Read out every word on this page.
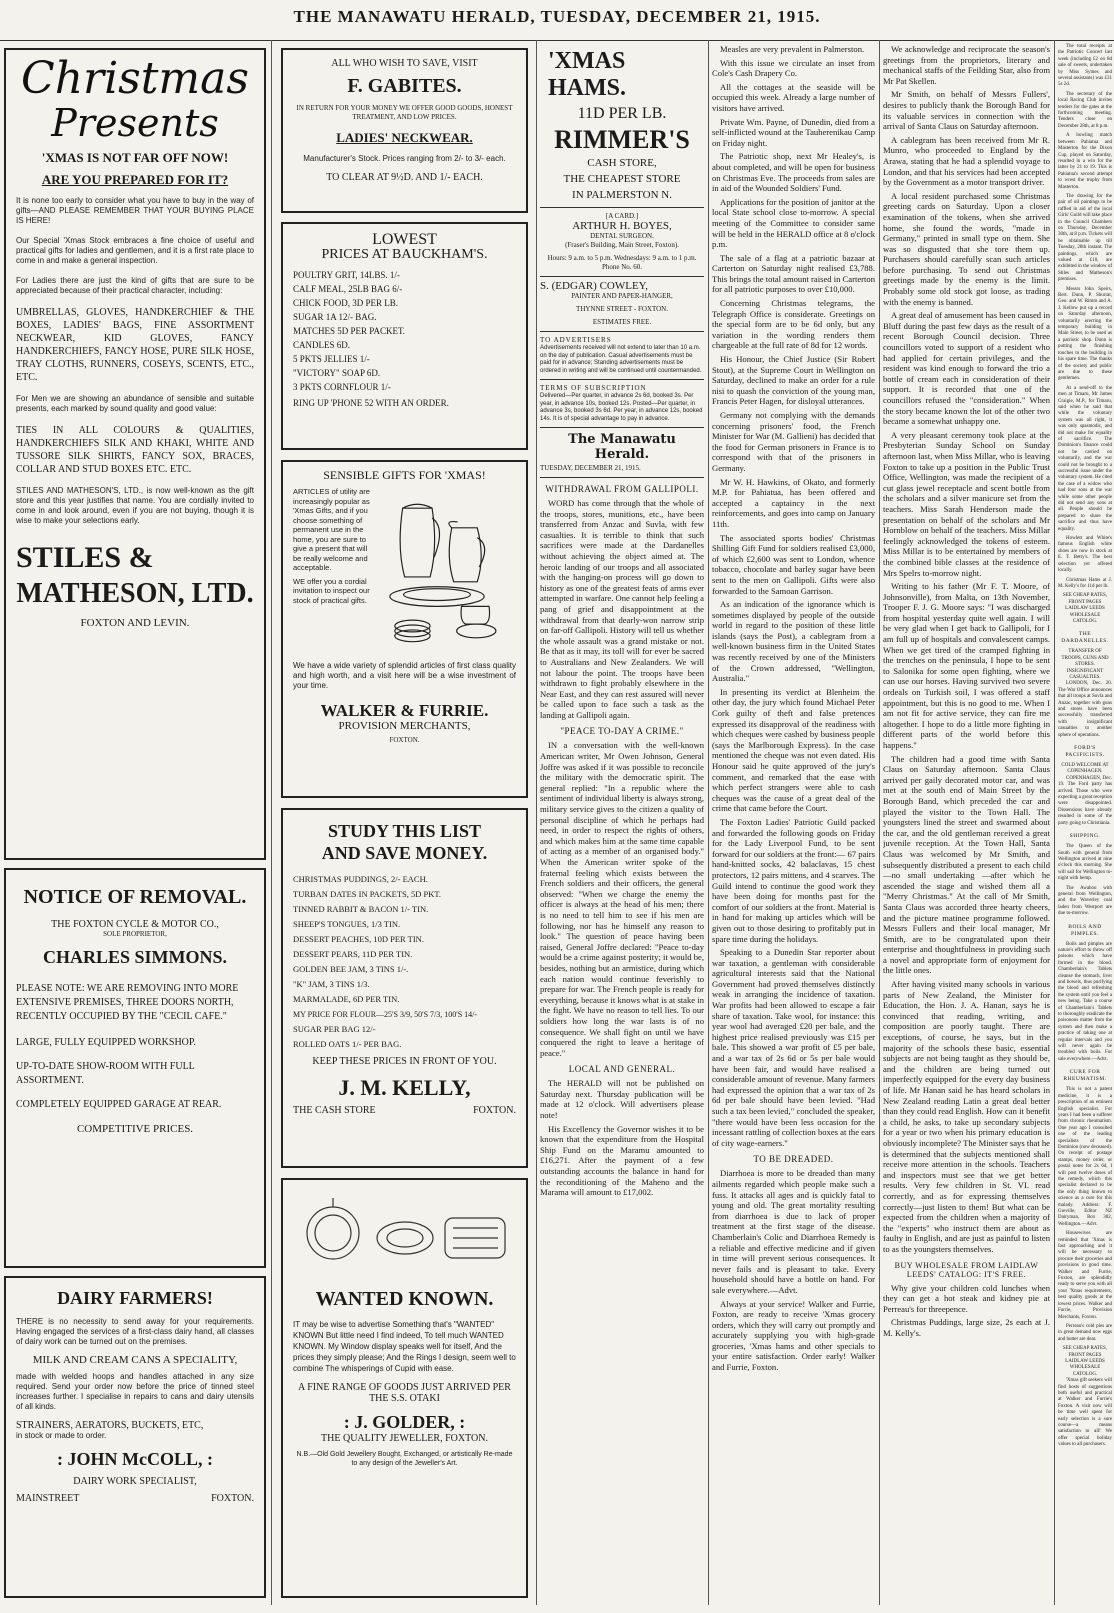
THE MANAWATU HERALD, TUESDAY, DECEMBER 21, 1915.
Christmas
Presents
'XMAS IS NOT FAR OFF NOW!
ARE YOU PREPARED FOR IT?

It is none too early to consider what you have to buy in the way of gifts—AND PLEASE REMEMBER THAT YOUR BUYING PLACE IS HERE!

Our Special 'Xmas Stock embraces a fine choice of useful and practical gifts for ladies and gentlemen, and it is a first rate place to come in and make a general inspection.

For Ladies there are just the kind of gifts that are sure to be appreciated because of their practical character, including:

UMBRELLAS, GLOVES, HANDKERCHIEF & THE BOXES, LADIES' BAGS, FINE ASSORTMENT NECKWEAR, KID GLOVES, FANCY HANDKERCHIEFS, FANCY HOSE, PURE SILK HOSE, TRAY CLOTHS, RUNNERS, COSEYS, SCENTS, ETC., ETC.

For Men we are showing an abundance of sensible and suitable presents, each marked by sound quality and good value:

TIES IN ALL COLOURS & QUALITIES, HANDKERCHIEFS SILK AND KHAKI, WHITE AND TUSSORE SILK SHIRTS, FANCY SOX, BRACES, COLLAR AND STUD BOXES ETC. ETC.

STILES AND MATHESON'S, LTD., is now well-known as the gift store and this year justifies that name. You are cordially invited to come in and look around, even if you are not buying, though it is wise to make your selections early.

STILES &
MATHESON, LTD.
FOXTON AND LEVIN.
NOTICE OF REMOVAL.
THE FOXTON CYCLE & MOTOR CO.,
SOLE PROPRIETOR,
CHARLES SIMMONS.

PLEASE NOTE: WE ARE REMOVING INTO MORE EXTENSIVE PREMISES, THREE DOORS NORTH, RECENTLY OCCUPIED BY THE "CECIL CAFE."

LARGE, FULLY EQUIPPED WORKSHOP.

UP-TO-DATE SHOW-ROOM WITH FULL ASSORTMENT.

COMPLETELY EQUIPPED GARAGE AT REAR.

COMPETITIVE PRICES.
DAIRY FARMERS!

THERE is no necessity to send away for your requirements. Having engaged the services of a first-class dairy hand, all classes of dairy work can be turned out on the premises.

MILK AND CREAM CANS A SPECIALITY,

made with welded hoops and handles attached in any size required. Send your order now before the price of tinned steel increases further. I specialise in repairs to cans and dairy utensils of all kinds.

STRAINERS, AERATORS, BUCKETS, ETC,
in stock or made to order.
: JOHN McCOLL, :
DAIRY WORK SPECIALIST,
MAINSTREET	FOXTON.
ALL WHO WISH TO SAVE, VISIT
F. GABITES.
IN RETURN FOR YOUR MONEY WE OFFER GOOD GOODS, HONEST TREATMENT, AND LOW PRICES.
LADIES' NECKWEAR.
Manufacturer's Stock. Prices ranging from 2/- to 3/- each.
TO CLEAR AT 9½D. AND 1/- EACH.
LOWEST
PRICES AT BAUCKHAM'S.
POULTRY GRIT, 14LBS. 1/-
CALF MEAL, 25LB BAG 6/-
CHICK FOOD, 3D PER LB.
SUGAR 1A 12/- BAG.
MATCHES 5D PER PACKET.
CANDLES 6D.
5 PKTS JELLIES 1/-
"VICTORY" SOAP 6D.
3 PKTS CORNFLOUR 1/-
RING UP 'PHONE 52 WITH AN ORDER.
SENSIBLE GIFTS FOR 'XMAS!

ARTICLES of utility are increasingly popular as 'Xmas Gifts, and if you choose something of permanent use in the home, you are sure to give a present that will be really welcome and acceptable.

WE offer you a cordial invitation to inspect our stock of practical gifts.

We have a wide variety of splendid articles of first class quality and high worth, and a visit here will be a wise investment of your time.

WALKER & FURRIE.
PROVISION MERCHANTS,
FOXTON.
STUDY THIS LIST
AND SAVE MONEY.
CHRISTMAS PUDDINGS, 2/- EACH.
TURBAN DATES IN PACKETS, 5D PKT.
TINNED RABBIT & BACON 1/- TIN.
SHEEP'S TONGUES, 1/3 TIN.
DESSERT PEACHES, 10D PER TIN.
DESSERT PEARS, 11D PER TIN.
GOLDEN BEE JAM, 3 TINS 1/-.
"K" JAM, 3 TINS 1/3.
MARMALADE, 6D PER TIN.
MY PRICE FOR FLOUR—25'S 3/9, 50'S 7/3, 100'S 14/-
SUGAR PER BAG 12/-
ROLLED OATS 1/- PER BAG.
KEEP THESE PRICES IN FRONT OF YOU.
J. M. KELLY,
THE CASH STORE	FOXTON.
WANTED KNOWN.

IT may be wise to advertise Something that's "WANTED" KNOWN But little need I find indeed, To tell much WANTED KNOWN. My Window display speaks well for itself, And the prices they simply please; And the Rings I design, seem well to combine The whisperings of Cupid with ease.

A FINE RANGE OF GOODS JUST ARRIVED PER THE S.S. OTAKI
: J. GOLDER, :
THE QUALITY JEWELLER, FOXTON.
N.B.—Old Gold Jewellery Bought, Exchanged, or artistically Re-made to any design of the Jeweller's Art.
'XMAS
HAMS.
11D PER LB.
RIMMER'S
CASH STORE,
THE CHEAPEST STORE
IN PALMERSTON N.
[A CARD.]
ARTHUR H. BOYES,
DENTAL SURGEON.
(Fraser's Building, Main Street, Foxton).
Hours: 9 a.m. to 5 p.m. Wednesdays: 9 a.m. to 1 p.m.
Phone No. 60.
S. (EDGAR) COWLEY,
PAINTER AND PAPER-HANGER,
THYNNE STREET - FOXTON.
ESTIMATES FREE.
TO ADVERTISERS
Advertisements received will not extend to later than 10 a.m. on the day of publication. Casual advertisements must be paid for in advance; Standing advertisements must be ordered in writing and will be continued until countermanded.
TERMS OF SUBSCRIPTION
Delivered—Per quarter, in advance 2s 6d, booked 3s. Per year, in advance 10s, booked 12s. Posted—Per quarter, in advance 3s, booked 3s 6d. Per year, in advance 12s, booked 14s. It is of special advantage to pay in advance.
The Manawatu Herald.
TUESDAY, DECEMBER 21, 1915.
WITHDRAWAL FROM GALLIPOLI.

WORD has come through that the whole of the troops, stores, munitions, etc., have been transferred from Anzac and Suvla, with few casualties. It is terrible to think that such sacrifices were made at the Dardanelles without achieving the object aimed at. The heroic landing of our troops and all associated with the hanging-on process will go down to history as one of the greatest feats of arms ever attempted in warfare. One cannot help feeling a pang of grief and disappointment at the withdrawal from that dearly-won narrow strip on far-off Gallipoli. History will tell us whether the whole assault was a grand mistake or not. Be that as it may, its toll will for ever be sacred to Australians and New Zealanders. We will not labour the point. The troops have been withdrawn to fight probably elsewhere in the Near East, and they can rest assured will never be called upon to face such a task as the landing at Gallipoli again.

"PEACE TO-DAY A CRIME."

IN a conversation with the well-known American writer, Mr Owen Johnson, General Joffre was asked if it was possible to reconcile the military with the democratic spirit. The general replied: "In a republic where the sentiment of individual liberty is always strong, military service gives to the citizen a quality of personal discipline of which he perhaps had need, in order to respect the rights of others, and which makes him at the same time capable of acting as a member of an organised body." When the American writer spoke of the fraternal feeling which exists between the French soldiers and their officers, the general observed: "When we charge the enemy the officer is always at the head of his men; there is no need to tell him to see if his men are following, nor has he himself any reason to look." The question of peace having been raised, General Joffre declared: "Peace to-day would be a crime against posterity; it would be, besides, nothing but an armistice, during which each nation would continue feverishly to prepare for war. The French people is ready for everything, because it knows what is at stake in the fight. We have no reason to tell lies. To our soldiers how long the war lasts is of no consequence. We shall fight on until we have conquered the right to leave a heritage of peace."

LOCAL AND GENERAL.

The HERALD will not be published on Saturday next. Thursday publication will be made at 12 o'clock. Will advertisers please note!

His Excellency the Governor wishes it to be known that the expenditure from the Hospital Ship Fund on the Maramu amounted to £16,271. After the payment of a few outstanding accounts the balance in hand for the reconditioning of the Maheno and the Marama will amount to £17,002.

Measles are very prevalent in Palmerston.

With this issue we circulate an inset from Cole's Cash Drapery Co.

All the cottages at the seaside will be occupied this week. Already a large number of visitors have arrived.

Private Wm. Payne, of Dunedin, died from a self-inflicted wound at the Tauherenikau Camp on Friday night.

The Patriotic shop, next Mr Healey's, is about completed, and will be open for business on Christmas Eve. The proceeds from sales are in aid of the Wounded Soldiers' Fund.

Applications for the position of janitor at the local State school close to-morrow. A special meeting of the Committee to consider same will be held in the HERALD office at 8 o'clock p.m.

The sale of a flag at a patriotic bazaar at Carterton on Saturday night realised £3,788. This brings the total amount raised in Carterton for all patriotic purposes to over £10,000.

Concerning Christmas telegrams, the Telegraph Office is considerate. Greetings on the special form are to be 6d only, but any variation in the wording renders them chargeable at the full rate of 8d for 12 words.

His Honour, the Chief Justice (Sir Robert Stout), at the Supreme Court in Wellington on Saturday, declined to make an order for a rule nisi to quash the conviction of the young man, Francis Peter Hagen, for disloyal utterances.

Germany not complying with the demands concerning prisoners' food, the French Minister for War (M. Gallieni) has decided that the food for German prisoners in France is to correspond with that of the prisoners in Germany.

Mr W. H. Hawkins, of Okato, and formerly M.P. for Pahiatua, has been offered and accepted a captaincy in the next reinforcements, and goes into camp on January 11th.

The associated sports bodies' Christmas Shilling Gift Fund for soldiers realised £3,000, of which £2,600 was sent to London, whence tobacco, chocolate and barley sugar have been sent to the men on Gallipoli. Gifts were also forwarded to the Samoan Garrison.

As an indication of the ignorance which is sometimes displayed by people of the outside world in regard to the position of these little islands (says the Post), a cablegram from a well-known business firm in the United States was recently received by one of the Ministers of the Crown addressed, "Wellington, Australia."

In presenting its verdict at Blenheim the other day, the jury which found Michael Peter Cork guilty of theft and false pretences expressed its disapproval of the readiness with which cheques were cashed by business people (says the Marlborough Express). In the case mentioned the cheque was not even dated. His Honour said he quite approved of the jury's comment, and remarked that the ease with which perfect strangers were able to cash cheques was the cause of a great deal of the crime that came before the Court.

The Foxton Ladies' Patriotic Guild packed and forwarded the following goods on Friday for the Lady Liverpool Fund, to be sent forward for our soldiers at the front:— 67 pairs hand-knitted socks, 42 balaclavas, 15 chest protectors, 12 pairs mittens, and 4 scarves. The Guild intend to continue the good work they have been doing for months past for the comfort of our soldiers at the front. Material is in hand for making up articles which will be given out to those desiring to profitably put in spare time during the holidays.

Speaking to a Dunedin Star reporter about war taxation, a gentleman with considerable agricultural interests said that the National Government had proved themselves distinctly weak in arranging the incidence of taxation. War profits had been allowed to escape a fair share of taxation. Take wool, for instance: this year wool had averaged £20 per bale, and the highest price realised previously was £15 per bale. This showed a war profit of £5 per bale, and a war tax of 2s 6d or 5s per bale would have been fair, and would have realised a considerable amount of revenue. Many farmers had expressed the opinion that a war tax of 2s 6d per bale should have been levied. "Had such a tax been levied," concluded the speaker, "there would have been less occasion for the incessant rattling of collection boxes at the ears of city wage-earners."

TO BE DREADED.

Diarrhoea is more to be dreaded than many ailments regarded which people make such a fuss. It attacks all ages and is quickly fatal to young and old. The great mortality resulting from diarrhoea is due to lack of proper treatment at the first stage of the disease. Chamberlain's Colic and Diarrhoea Remedy is a reliable and effective medicine and if given in time will prevent serious consequences. It never fails and is pleasant to take. Every household should have a bottle on hand. For sale everywhere.—Advt.

Always at your service! Walker and Furrie, Foxton, are ready to receive 'Xmas grocery orders, which they will carry out promptly and accurately supplying you with high-grade groceries, 'Xmas hams and other specials to your entire satisfaction. Order early! Walker and Furrie, Foxton.

We acknowledge and reciprocate the season's greetings from the proprietors, literary and mechanical staffs of the Feilding Star, also from Mr Pat Skellen.

Mr Smith, on behalf of Messrs Fullers', desires to publicly thank the Borough Band for its valuable services in connection with the arrival of Santa Claus on Saturday afternoon.

A cablegram has been received from Mr R. Munro, who proceeded to England by the Arawa, stating that he had a splendid voyage to London, and that his services had been accepted by the Government as a motor transport driver.

A local resident purchased some Christmas greeting cards on Saturday. Upon a closer examination of the tokens, when she arrived home, she found the words, "made in Germany," printed in small type on them. She was so disgusted that she tore them up. Purchasers should carefully scan such articles before purchasing. To send out Christmas greetings made by the enemy is the limit. Probably some old stock got loose, as trading with the enemy is banned.

A great deal of amusement has been caused in Bluff during the past few days as the result of a recent Borough Council decision. Three councillors voted to support of a resident who had applied for certain privileges, and the resident was kind enough to forward the trio a bottle of cream each in consideration of their support. It is recorded that one of the councillors refused the "consideration." When the story became known the lot of the other two became a somewhat unhappy one.

A very pleasant ceremony took place at the Presbyterian Sunday School on Sunday afternoon last, when Miss Millar, who is leaving Foxton to take up a position in the Public Trust Office, Wellington, was made the recipient of a cut glass jewel receptacle and scent bottle from the scholars and a silver manicure set from the teachers. Miss Sarah Henderson made the presentation on behalf of the scholars and Mr Hornblow on behalf of the teachers. Miss Millar feelingly acknowledged the tokens of esteem. Miss Millar is to be entertained by members of the combined bible classes at the residence of Mrs Spelrs to-morrow night.

Writing to his father (Mr F. T. Moore, of Johnsonville), from Malta, on 13th November, Trooper F. J. G. Moore says: "I was discharged from hospital yesterday quite well again. I will be very glad when I get back to Gallipoli, for I am full up of hospitals and convalescent camps. When we get tired of the cramped fighting in the trenches on the peninsula, I hope to be sent to Salonika for some open fighting, where we can use our horses. Having survived two severe ordeals on Turkish soil, I was offered a staff appointment, but this is no good to me. When I am not fit for active service, they can fire me altogether. I hope to do a little more fighting in different parts of the world before this happens."

The children had a good time with Santa Claus on Saturday afternoon. Santa Claus arrived per gaily decorated motor car, and was met at the south end of Main Street by the Borough Band, which preceded the car and played the visitor to the Town Hall. The youngsters lined the street and swarmed about the car, and the old gentleman received a great juvenile reception. At the Town Hall, Santa Claus was welcomed by Mr Smith, and subsequently distributed a present to each child —no small undertaking —after which he ascended the stage and wished them all a "Merry Christmas." At the call of Mr Smith, Santa Claus was accorded three hearty cheers, and the picture matinee programme followed. Messrs Fullers and their local manager, Mr Smith, are to be congratulated upon their enterprise and thoughtfulness in providing such a novel and appropriate form of enjoyment for the little ones.

After having visited many schools in various parts of New Zealand, the Minister for Education, the Hon. J. A. Hanan, says he is convinced that reading, writing, and composition are poorly taught. There are exceptions, of course, he says, but in the majority of the schools these basic, essential subjects are not being taught as they should be, and the children are being turned out imperfectly equipped for the every day business of life. Mr Hanan said he has heard scholars in New Zealand reading Latin a great deal better than they could read English. How can it benefit a child, he asks, to take up secondary subjects for a year or two when his primary education is obviously incomplete? The Minister says that he is determined that the subjects mentioned shall receive more attention in the schools. Teachers and inspectors must see that we get better results. Very few children in St. VI. read correctly, and as for expressing themselves correctly—just listen to them! But what can be expected from the children when a majority of the "experts" who instruct them are about as faulty in English, and are just as painful to listen to as the youngsters themselves.

BUY WHOLESALE FROM LAIDLAW LEEDS' CATALOG: IT'S FREE.

Why give your children cold lunches when they can get a hot steak and kidney pie at Perreau's for threepence.

Christmas Puddings, large size, 2s each at J. M. Kelly's.

The total receipts at the Patriotic Concert last week (including £2 on 8d sale of sweets, undertaken by Miss Symes and several assistants) was £31 5s 2d.

The secretary of the local Racing Club invites tenders for the gates at the forthcoming meeting. Tenders close on December 28th, at 8 p.m.

A bowling match between Pahiatua and Masterton for the Dixon Cup, played on Saturday, resulted in a win for the latter by 21 to 19. This is Pahiatua's second attempt to wrest the trophy from Masterton.

The drawing for the pair of oil paintings to be raffled in aid of the local Girls' Guild will take place in the Council Chambers on Thursday, December 30th, at 8 p.m. Tickets will be obtainable up till Tuesday, 28th instant. The paintings, which are valued at £10, are exhibited in the window of Stiles and Matheson's premises.

Messrs John Speirs, Bert. Dunn, P. Shurrat, Geo. and W. Rimm and A. J. Kellow put up a record on Saturday afternoon, voluntarily erecting the temporary building in Main Street, to be used as a patriotic shop. Dunn is putting the finishing touches to the building in his spare time. The thanks of the society and public are due to these gentlemen.

At a send-off to the men at Timaru, Mr James Craigie, M.P., for Timaru, said when he said that while the voluntary system was all right, it was only spasmodic, and did not make for equality of sacrifice. The Dominion's finance could not be carried on voluntarily, and the war could not be brought to a successful issue under the voluntary system. He cited the case of a widow who had four sons at the war while some other people did not send any sons at all. People should be prepared to share the sacrifice and thus have equality.

Howlett and White's famous English white shoes are now in stock at E. T. Betty's. The best selection yet offered locally.

Christmas Hams at J. M. Kelly's for 11d per lb.

SEE CHEAP RATES, FRONT PAGES LAIDLAW LEEDS WHOLESALE CATOLOG.
THE DARDANELLES.
TRANSFER OF TROOPS, GUNS AND STORES.
INSIGNIFICANT CASUALTIES.

LONDON, Dec. 20. The War Office announces that all troops at Suvla and Anzac, together with guns and stores have been successfully transferred with insignificant casualties to another sphere of operations.

FORD'S PACIFICISTS.
COLD WELCOME AT COPENHAGEN.

COPENHAGEN, Dec. 19. The Ford party has arrived. Those who were expecting a great reception were disappointed. Dissensions have already resulted in some of the party going to Christiania.

SHIPPING.

The Queen of the South with general from Wellington arrived at nine o'clock this morning. She will sail for Wellington to-night with hemp.

The Awahou with general from Wellington, and the Waverley coal laden from Westport are due to-morrow.

BOILS AND PIMPLES.

Boils and pimples are nature's effort to throw off poisons which have formed in the blood. Chamberlain's Tablets cleanse the stomach, liver and bowels, thus purifying the blood and refreshing the system until you feel a new being. Take a course of Chamberlain's Tablets to thoroughly eradicate the poisonous matter from the system and then make a practice of taking one at regular intervals and you will never again be troubled with boils. For sale everywhere.—Advt.

CURE FOR RHEUMATISM.

This is not a patent medicine, it is a prescription of an eminent English specialist. For years I had been a sufferer from chronic rheumatism. One year ago I consulted one of the leading specialists of the Dominion (now deceased). On receipt of postage stamps, money order, or postal notes for 2s 6d, I will post twelve doses of the remedy, which this specialist declared to be the only thing known to science as a cure for this malady. Address: F. Greville, Editor NZ Dairyman, Box 302, Wellington.—Advt.

Housewives are reminded that 'Xmas is fast approaching and it will be necessary to procure their groceries and provisions in good time. Walker and Furrie, Foxton, are splendidly ready to serve you with all your 'Xmas requirements, best quality goods at the lowest prices. Walker and Furrie, Provision Merchants, Foxton.

Perreau's cold pies are in great demand now eggs and butter are dear.

SEE CHEAP RATES, FRONT PAGES LAIDLAW LEEDS WHOLESALE CATOLOG.

'Xmas gift seekers will find hosts of suggestions both useful and practical at Walker and Furrie's Foxton. A visit now will be time well spent for early selection is a sure course—a means satisfaction to all! We offer special holiday values to all purchasers.
